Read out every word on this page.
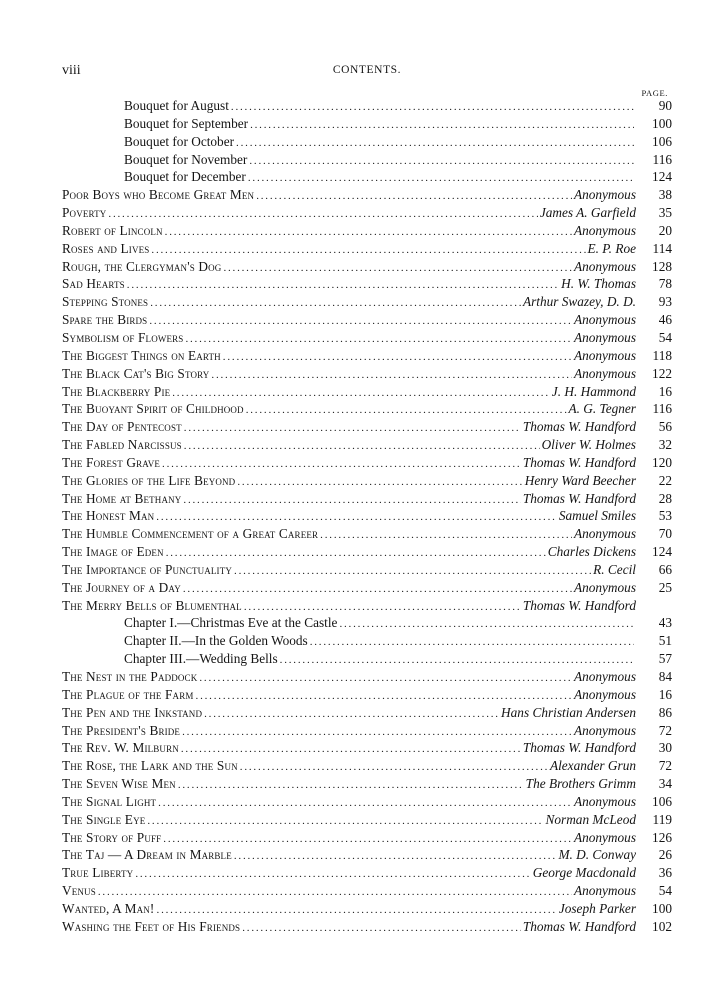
viii	CONTENTS.
PAGE.
Bouquet for August .....	90
Bouquet for September .....	100
Bouquet for October .....	106
Bouquet for November .....	116
Bouquet for December .....	124
Poor Boys who Become Great Men .....	Anonymous	38
Poverty .....	James A. Garfield	35
Robert of Lincoln .....	Anonymous	20
Roses and Lives .....	E. P. Roe	114
Rough, the Clergyman's Dog .....	Anonymous	128
Sad Hearts .....	H. W. Thomas	78
Stepping Stones .....	Arthur Swazey, D. D.	93
Spare the Birds .....	Anonymous	46
Symbolism of Flowers .....	Anonymous	54
The Biggest Things on Earth .....	Anonymous	118
The Black Cat's Big Story .....	Anonymous	122
The Blackberry Pie .....	J. H. Hammond	16
The Buoyant Spirit of Childhood .....	A. G. Tegner	116
The Day of Pentecost .....	Thomas W. Handford	56
The Fabled Narcissus .....	Oliver W. Holmes	32
The Forest Grave .....	Thomas W. Handford	120
The Glories of the Life Beyond .....	Henry Ward Beecher	22
The Home at Bethany .....	Thomas W. Handford	28
The Honest Man .....	Samuel Smiles	53
The Humble Commencement of a Great Career .....	Anonymous	70
The Image of Eden .....	Charles Dickens	124
The Importance of Punctuality .....	R. Cecil	66
The Journey of a Day .....	Anonymous	25
The Merry Bells of Blumenthal .....	Thomas W. Handford
Chapter I.—Christmas Eve at the Castle .....	43
Chapter II.—In the Golden Woods .....	51
Chapter III.—Wedding Bells .....	57
The Nest in the Paddock .....	Anonymous	84
The Plague of the Farm .....	Anonymous	16
The Pen and the Inkstand .....	Hans Christian Andersen	86
The President's Bride .....	Anonymous	72
The Rev. W. Milburn .....	Thomas W. Handford	30
The Rose, the Lark and the Sun .....	Alexander Grun	72
The Seven Wise Men .....	The Brothers Grimm	34
The Signal Light .....	Anonymous	106
The Single Eye .....	Norman McLeod	119
The Story of Puff .....	Anonymous	126
The Taj — A Dream in Marble .....	M. D. Conway	26
True Liberty .....	George Macdonald	36
Venus .....	Anonymous	54
Wanted, A Man! .....	Joseph Parker	100
Washing the Feet of His Friends .....	Thomas W. Handford	102
